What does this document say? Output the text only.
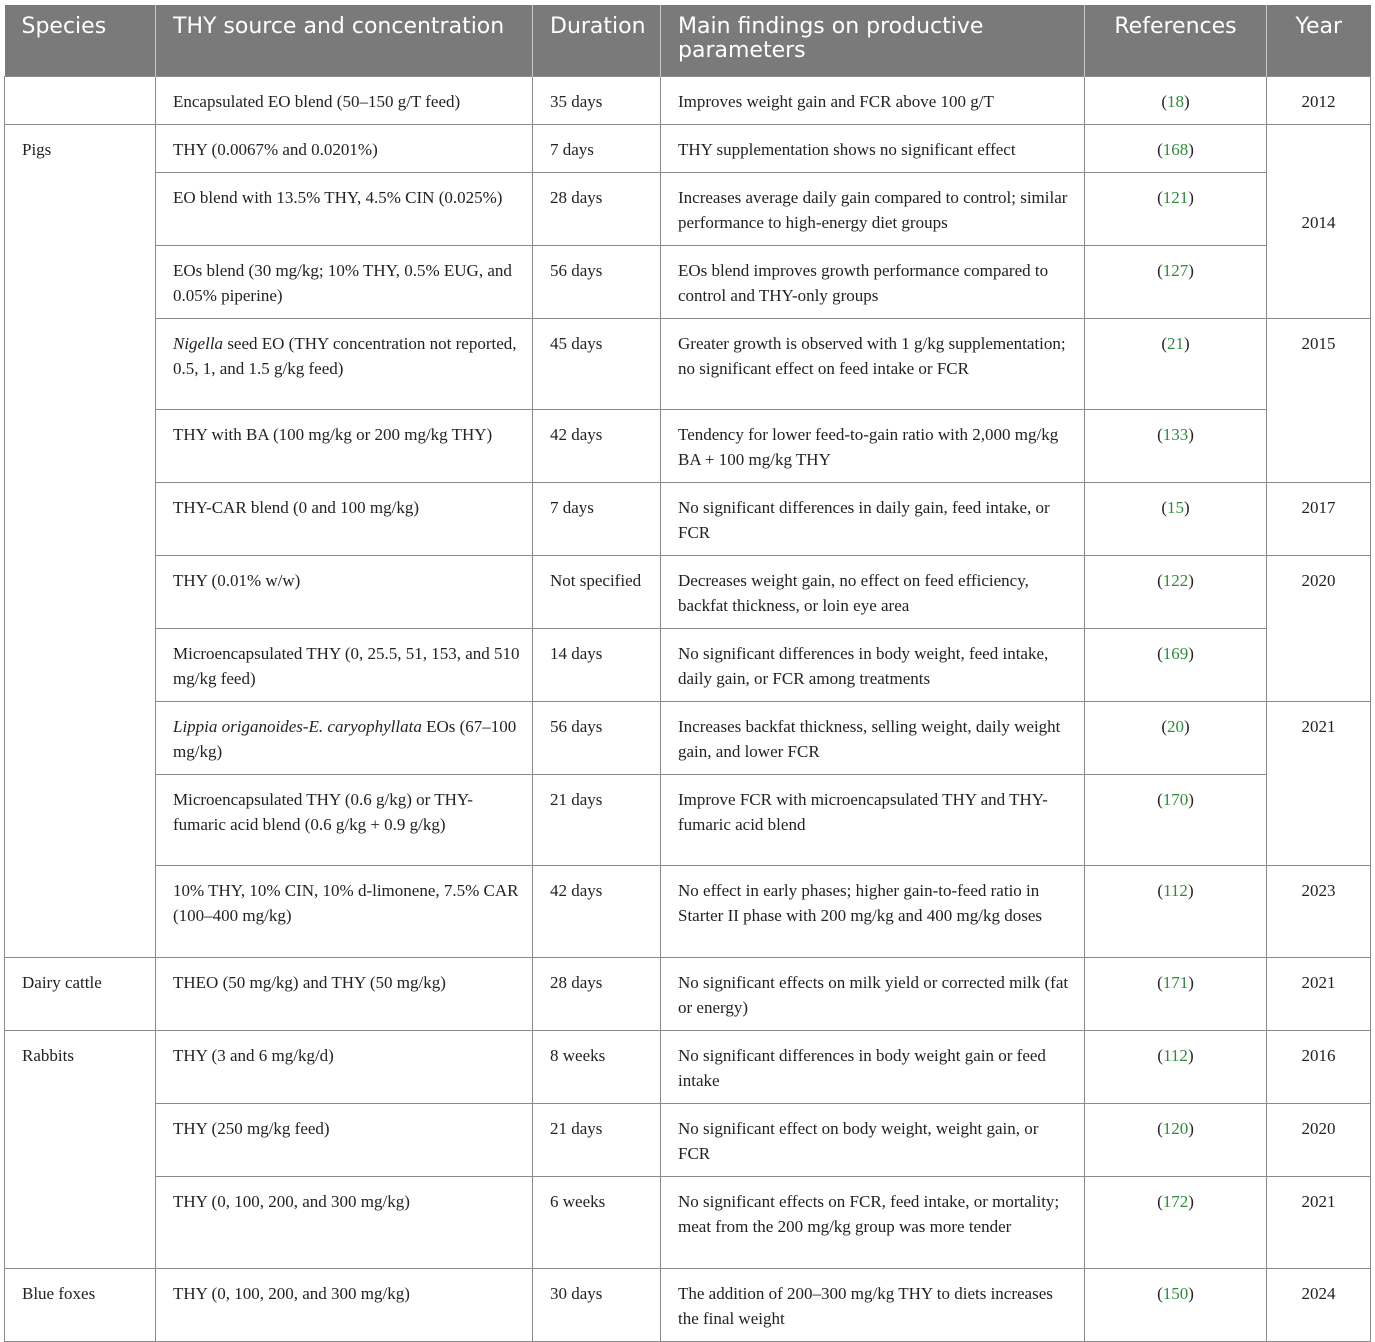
Species	THY source and concentration	Duration	Main findings on productive parameters	References	Year
	Encapsulated EO blend (50–150 g/T feed)	35 days	Improves weight gain and FCR above 100 g/T	(18)	2012
Pigs	THY (0.0067% and 0.0201%)	7 days	THY supplementation shows no significant effect	(168)	2014
	EO blend with 13.5% THY, 4.5% CIN (0.025%)	28 days	Increases average daily gain compared to control; similar performance to high-energy diet groups	(121)	
	EOs blend (30 mg/kg; 10% THY, 0.5% EUG, and 0.05% piperine)	56 days	EOs blend improves growth performance compared to control and THY-only groups	(127)	
	Nigella seed EO (THY concentration not reported, 0.5, 1, and 1.5 g/kg feed)	45 days	Greater growth is observed with 1 g/kg supplementation; no significant effect on feed intake or FCR	(21)	2015
	THY with BA (100 mg/kg or 200 mg/kg THY)	42 days	Tendency for lower feed-to-gain ratio with 2,000 mg/kg BA + 100 mg/kg THY	(133)	
	THY-CAR blend (0 and 100 mg/kg)	7 days	No significant differences in daily gain, feed intake, or FCR	(15)	2017
	THY (0.01% w/w)	Not specified	Decreases weight gain, no effect on feed efficiency, backfat thickness, or loin eye area	(122)	2020
	Microencapsulated THY (0, 25.5, 51, 153, and 510 mg/kg feed)	14 days	No significant differences in body weight, feed intake, daily gain, or FCR among treatments	(169)	
	Lippia origanoides-E. caryophyllata EOs (67–100 mg/kg)	56 days	Increases backfat thickness, selling weight, daily weight gain, and lower FCR	(20)	2021
	Microencapsulated THY (0.6 g/kg) or THY-fumaric acid blend (0.6 g/kg + 0.9 g/kg)	21 days	Improve FCR with microencapsulated THY and THY-fumaric acid blend	(170)	
	10% THY, 10% CIN, 10% d-limonene, 7.5% CAR (100–400 mg/kg)	42 days	No effect in early phases; higher gain-to-feed ratio in Starter II phase with 200 mg/kg and 400 mg/kg doses	(112)	2023
Dairy cattle	THEO (50 mg/kg) and THY (50 mg/kg)	28 days	No significant effects on milk yield or corrected milk (fat or energy)	(171)	2021
Rabbits	THY (3 and 6 mg/kg/d)	8 weeks	No significant differences in body weight gain or feed intake	(112)	2016
	THY (250 mg/kg feed)	21 days	No significant effect on body weight, weight gain, or FCR	(120)	2020
	THY (0, 100, 200, and 300 mg/kg)	6 weeks	No significant effects on FCR, feed intake, or mortality; meat from the 200 mg/kg group was more tender	(172)	2021
Blue foxes	THY (0, 100, 200, and 300 mg/kg)	30 days	The addition of 200–300 mg/kg THY to diets increases the final weight	(150)	2024
